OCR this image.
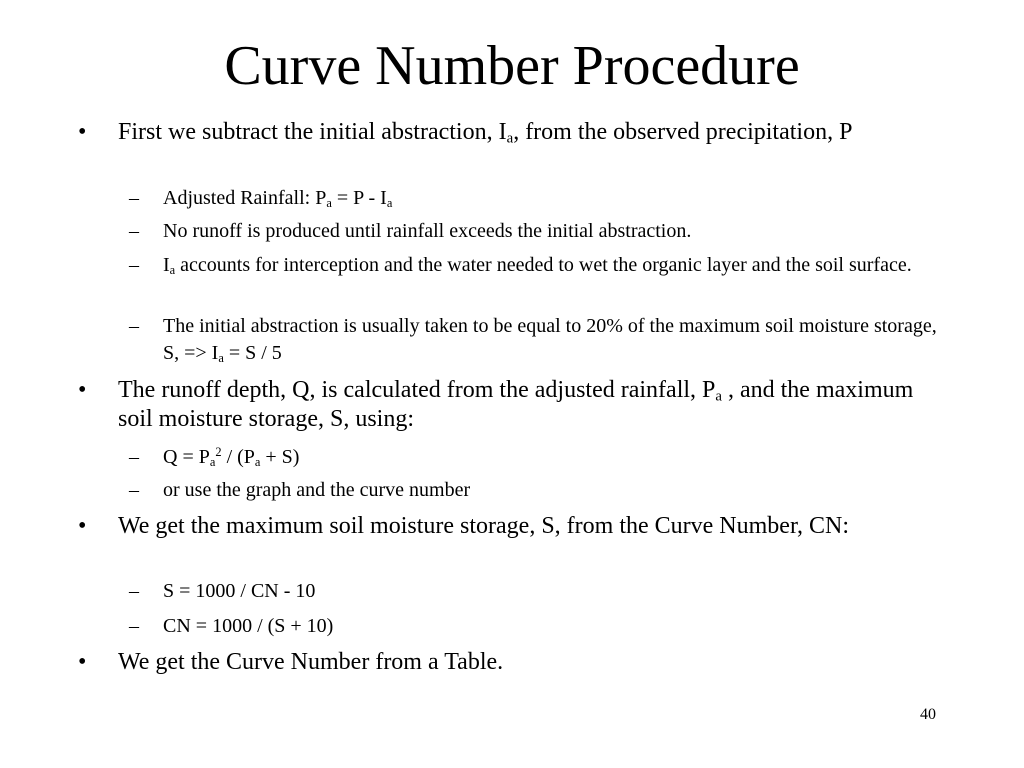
Curve Number Procedure
• First we subtract the initial abstraction, $I_a$, from the observed precipitation, P
– Adjusted Rainfall: $P_a = P - I_a$
– No runoff is produced until rainfall exceeds the initial abstraction.
– $I_a$ accounts for interception and the water needed to wet the organic layer and the soil surface.
– The initial abstraction is usually taken to be equal to 20% of the maximum soil moisture storage, S, => $I_a = S / 5$
• The runoff depth, Q, is calculated from the adjusted rainfall, $P_a$ , and the maximum soil moisture storage, S, using:
– $Q = P_a^2 / (P_a + S)$
– or use the graph and the curve number
• We get the maximum soil moisture storage, S, from the Curve Number, CN:
– S = 1000 / CN - 10
– CN = 1000 / (S + 10)
• We get the Curve Number from a Table.
40
